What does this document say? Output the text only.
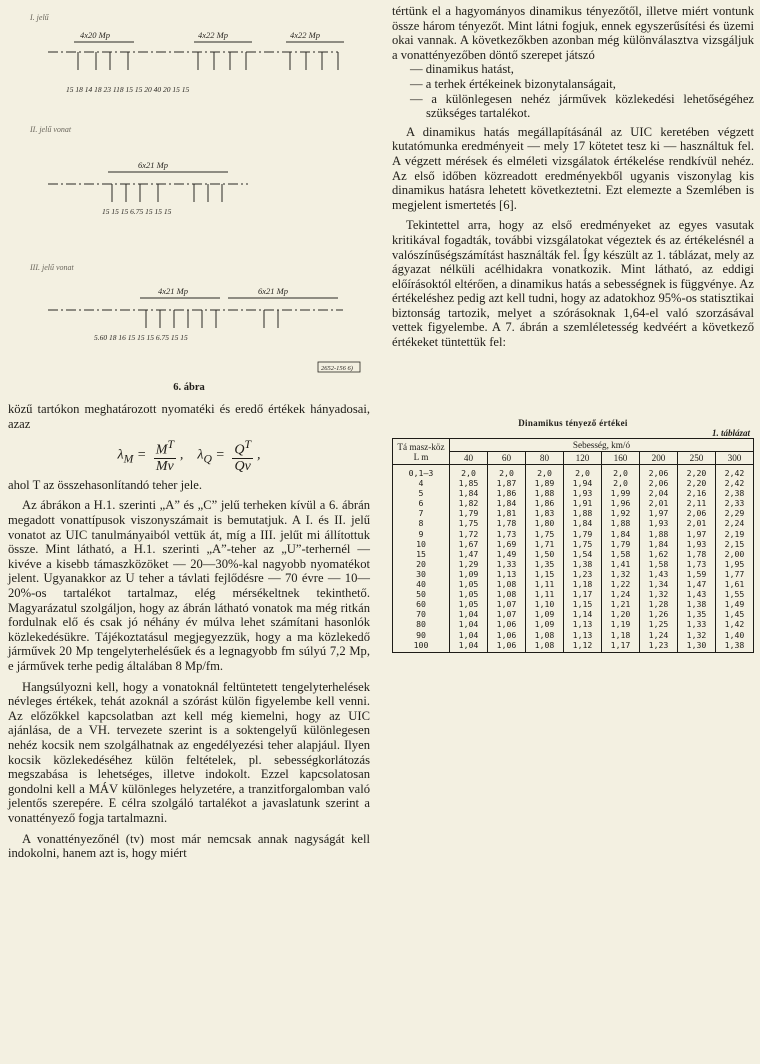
I. jelű
II. jelű vonat
III. jelű vonat
4x20 Mp	4x22 Mp	4x22 Mp
6x21 Mp
4x21 Mp	6x21 Mp
15 18 14 18 23 118 15 15 20 40 20 15 15
15 15 15 6.75 15 15 15
5.60 18 16 15 15 15 6.75 15 15
2652-156 6)
6. ábra

közű tartókon meghatározott nyomatéki és eredő értékek hányadosai, azaz

$\lambda_M = \frac{M^T}{Mv}$ ,    $\lambda_Q = \frac{Q^T}{Qv}$ ,

ahol T az összehasonlítandó teher jele.

Az ábrákon a H.1. szerinti „A” és „C” jelű terheken kívül a 6. ábrán megadott vonattípusok viszonyszámait is bemutatjuk. A I. és II. jelű vonatot az UIC tanulmányaiból vettük át, míg a III. jelűt mi állítottuk össze. Mint látható, a H.1. szerinti „A”-teher az „U”-terhernél — kivéve a kisebb támaszközöket — 20—30%-kal nagyobb nyomatékot jelent. Ugyanakkor az U teher a távlati fejlődésre — 70 évre — 10—20%-os tartalékot tartalmaz, elég mérsékeltnek tekinthető. Magyarázatul szolgáljon, hogy az ábrán látható vonatok ma még ritkán fordulnak elő és csak jó néhány év múlva lehet számítani hasonlók közlekedésükre. Tájékoztatásul megjegyezzük, hogy a ma közlekedő járművek 20 Mp tengelyterhelésűek és a legnagyobb fm súlyú 7,2 Mp, e járművek terhe pedig általában 8 Mp/fm.

Hangsúlyozni kell, hogy a vonatoknál feltüntetett tengelyterhelések névleges értékek, tehát azoknál a szórást külön figyelembe kell venni. Az előzőkkel kapcsolatban azt kell még kiemelni, hogy az UIC ajánlása, de a VH. tervezete szerint is a soktengelyű különlegesen nehéz kocsik nem szolgálhatnak az engedélyezési teher alapjául. Ilyen kocsik közlekedéséhez külön feltételek, pl. sebességkorlátozás megszabása is lehetséges, illetve indokolt. Ezzel kapcsolatosan gondolni kell a MÁV különleges helyzetére, a tranzitforgalomban való jelentős szerepére. E célra szolgáló tartalékot a javaslatunk szerint a vonattényező fogja tartalmazni.

A vonattényezőnél (tv) most már nemcsak annak nagyságát kell indokolni, hanem azt is, hogy miért

tértünk el a hagyományos dinamikus tényezőtől, illetve miért vontunk össze három tényezőt. Mint látni fogjuk, ennek egyszerűsítési és üzemi okai vannak. A következőkben azonban még különválasztva vizsgáljuk a vonattényezőben döntő szerepet játszó

— dinamikus hatást,
— a terhek értékeinek bizonytalanságait,
— a különlegesen nehéz járművek közlekedési lehetőségéhez szükséges tartalékot.

A dinamikus hatás megállapításánál az UIC keretében végzett kutatómunka eredményeit — mely 17 kötetet tesz ki — használtuk fel. A végzett mérések és elméleti vizsgálatok értékelése rendkívül nehéz. Az első időben közreadott eredményekből ugyanis viszonylag kis dinamikus hatásra lehetett következtetni. Ezt elemezte a Szemlében is megjelent ismertetés [6].

Tekintettel arra, hogy az első eredményeket az egyes vasutak kritikával fogadták, további vizsgálatokat végeztek és az értékelésnél a valószínűségszámítást használták fel. Így készült az 1. táblázat, mely az ágyazat nélküli acélhidakra vonatkozik. Mint látható, az eddigi előírásoktól eltérően, a dinamikus hatás a sebességnek is függvénye. Az értékeléshez pedig azt kell tudni, hogy az adatokhoz 95%-os statisztikai biztonság tartozik, melyet a szórásoknak 1,64-el való szorzásával vettek figyelembe. A 7. ábrán a szemléletesség kedvéért a következő értékeket tüntettük fel:

Dinamikus tényező értékei
1. táblázat
Tá masz-köz L m	Sebesség, km/ó							
	40	60	80	120	160	200	250	300
0,1—3	2,0	2,0	2,0	2,0	2,0	2,06	2,20	2,42
4	1,85	1,87	1,89	1,94	2,0	2,06	2,20	2,42
5	1,84	1,86	1,88	1,93	1,99	2,04	2,16	2,38
6	1,82	1,84	1,86	1,91	1,96	2,01	2,11	2,33
7	1,79	1,81	1,83	1,88	1,92	1,97	2,06	2,29
8	1,75	1,78	1,80	1,84	1,88	1,93	2,01	2,24
9	1,72	1,73	1,75	1,79	1,84	1,88	1,97	2,19
10	1,67	1,69	1,71	1,75	1,79	1,84	1,93	2,15
15	1,47	1,49	1,50	1,54	1,58	1,62	1,78	2,00
20	1,29	1,33	1,35	1,38	1,41	1,58	1,73	1,95
30	1,09	1,13	1,15	1,23	1,32	1,43	1,59	1,77
40	1,05	1,08	1,11	1,18	1,22	1,34	1,47	1,61
50	1,05	1,08	1,11	1,17	1,24	1,32	1,43	1,55
60	1,05	1,07	1,10	1,15	1,21	1,28	1,38	1,49
70	1,04	1,07	1,09	1,14	1,20	1,26	1,35	1,45
80	1,04	1,06	1,09	1,13	1,19	1,25	1,33	1,42
90	1,04	1,06	1,08	1,13	1,18	1,24	1,32	1,40
100	1,04	1,06	1,08	1,12	1,17	1,23	1,30	1,38
